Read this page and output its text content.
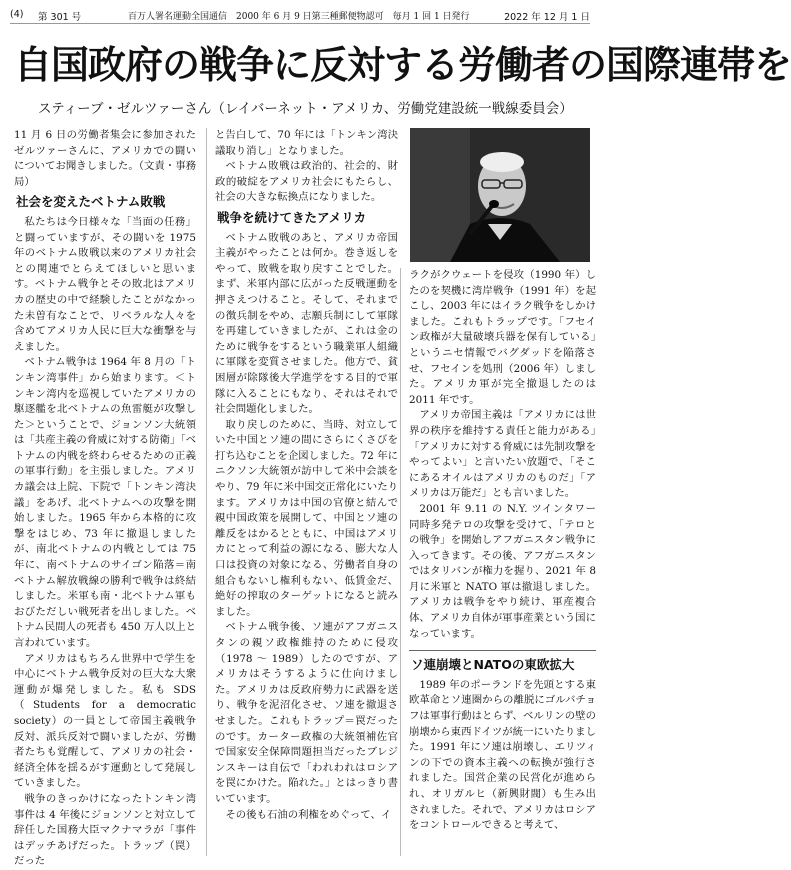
(4) 第 301 号	百万人署名運動全国通信　2000 年 6 月 9 日第三種郵便物認可　毎月 1 回 1 日発行	2022 年 12 月 1 日
自国政府の戦争に反対する労働者の国際連帯を
スティーブ・ゼルツァーさん（レイバーネット・アメリカ、労働党建設統一戦線委員会）

11 月 6 日の労働者集会に参加されたゼルツァーさんに、アメリカでの闘いについてお聞きしました。（文責・事務局）

社会を変えたベトナム敗戦

私たちは今日様々な「当面の任務」と闘っていますが、その闘いを 1975 年のベトナム敗戦以来のアメリカ社会との関連でとらえてほしいと思います。ベトナム戦争とその敗北はアメリカの歴史の中で経験したことがなかった未曽有なことで、リベラルな人々を含めてアメリカ人民に巨大な衝撃を与えました。

ベトナム戦争は 1964 年 8 月の「トンキン湾事件」から始まります。＜トンキン湾内を巡視していたアメリカの駆逐艦を北ベトナムの魚雷艇が攻撃した＞ということで、ジョンソン大統領は「共産主義の脅威に対する防衛」「ベトナムの内戦を終わらせるための正義の軍事行動」を主張しました。アメリカ議会は上院、下院で「トンキン湾決議」をあげ、北ベトナムへの攻撃を開始しました。1965 年から本格的に攻撃をはじめ、73 年に撤退しましたが、南北ベトナムの内戦としては 75 年に、南ベトナムのサイゴン陥落＝南ベトナム解放戦線の勝利で戦争は終結しました。米軍も南・北ベトナム軍もおびただしい戦死者を出しました。ベトナム民間人の死者も 450 万人以上と言われています。

アメリカはもちろん世界中で学生を中心にベトナム戦争反対の巨大な大衆運動が爆発しました。私も SDS（Students for a democratic society）の一員として帝国主義戦争反対、派兵反対で闘いましたが、労働者たちも覚醒して、アメリカの社会・経済全体を揺るがす運動として発展していきました。

戦争のきっかけになったトンキン湾事件は 4 年後にジョンソンと対立して辞任した国務大臣マクナマラが「事件はデッチあげだった。トラップ（罠）だった

と告白して、70 年には「トンキン湾決議取り消し」となりました。

ベトナム敗戦は政治的、社会的、財政的破綻をアメリカ社会にもたらし、社会の大きな転換点になりました。

戦争を続けてきたアメリカ

ベトナム敗戦のあと、アメリカ帝国主義がやったことは何か。巻き返しをやって、敗戦を取り戻すことでした。まず、米軍内部に広がった反戦運動を押さえつけること。そして、それまでの徴兵制をやめ、志願兵制にして軍隊を再建していきましたが、これは金のために戦争をするという職業軍人組織に軍隊を変質させました。他方で、貧困層が除隊後大学進学をする目的で軍隊に入ることにもなり、それはそれで社会問題化しました。

取り戻しのために、当時、対立していた中国とソ連の間にさらにくさびを打ち込むことを企図しました。72 年にニクソン大統領が訪中して米中会談をやり、79 年に米中国交正常化にいたります。アメリカは中国の官僚と結んで親中国政策を展開して、中国とソ連の離反をはかるとともに、中国はアメリカにとって利益の源になる、膨大な人口は投資の対象になる、労働者自身の組合もないし権利もない、低賃金だ、絶好の搾取のターゲットになると読みました。

ベトナム戦争後、ソ連がアフガニスタンの親ソ政権維持のために侵攻（1978 ～ 1989）したのですが、アメリカはそうするように仕向けました。アメリカは反政府勢力に武器を送り、戦争を泥沼化させ、ソ連を撤退させました。これもトラップ＝罠だったのです。カーター政権の大統領補佐官で国家安全保障問題担当だったブレジンスキーは自伝で「われわれはロシアを罠にかけた。陥れた。」とはっきり書いています。

その後も石油の利権をめぐって、イ

ラクがクウェートを侵攻（1990 年）したのを契機に湾岸戦争（1991 年）を起こし、2003 年にはイラク戦争をしかけました。これもトラップです。「フセイン政権が大量破壊兵器を保有している」というニセ情報でバグダッドを陥落させ、フセインを処刑（2006 年）しました。アメリカ軍が完全撤退したのは 2011 年です。

アメリカ帝国主義は「アメリカには世界の秩序を維持する責任と能力がある」「アメリカに対する脅威には先制攻撃をやってよい」と言いたい放題で、「そこにあるオイルはアメリカのものだ」「アメリカは万能だ」とも言いました。

2001 年 9.11 の N.Y. ツインタワー同時多発テロの攻撃を受けて、「テロとの戦争」を開始しアフガニスタン戦争に入ってきます。その後、アフガニスタンではタリバンが権力を握り、2021 年 8 月に米軍と NATO 軍は撤退しました。アメリカは戦争をやり続け、軍産複合体、アメリカ自体が軍事産業という国になっています。

ソ連崩壊とNATOの東欧拡大

1989 年のポーランドを先頭とする東欧革命とソ連圏からの離脱にゴルバチョフは軍事行動はとらず、ベルリンの壁の崩壊から東西ドイツが統一にいたりました。1991 年にソ連は崩壊し、エリツィンの下での資本主義への転換が強行されました。国営企業の民営化が進められ、オリガルヒ（新興財閥）も生み出されました。それで、アメリカはロシアをコントロールできると考えて、
